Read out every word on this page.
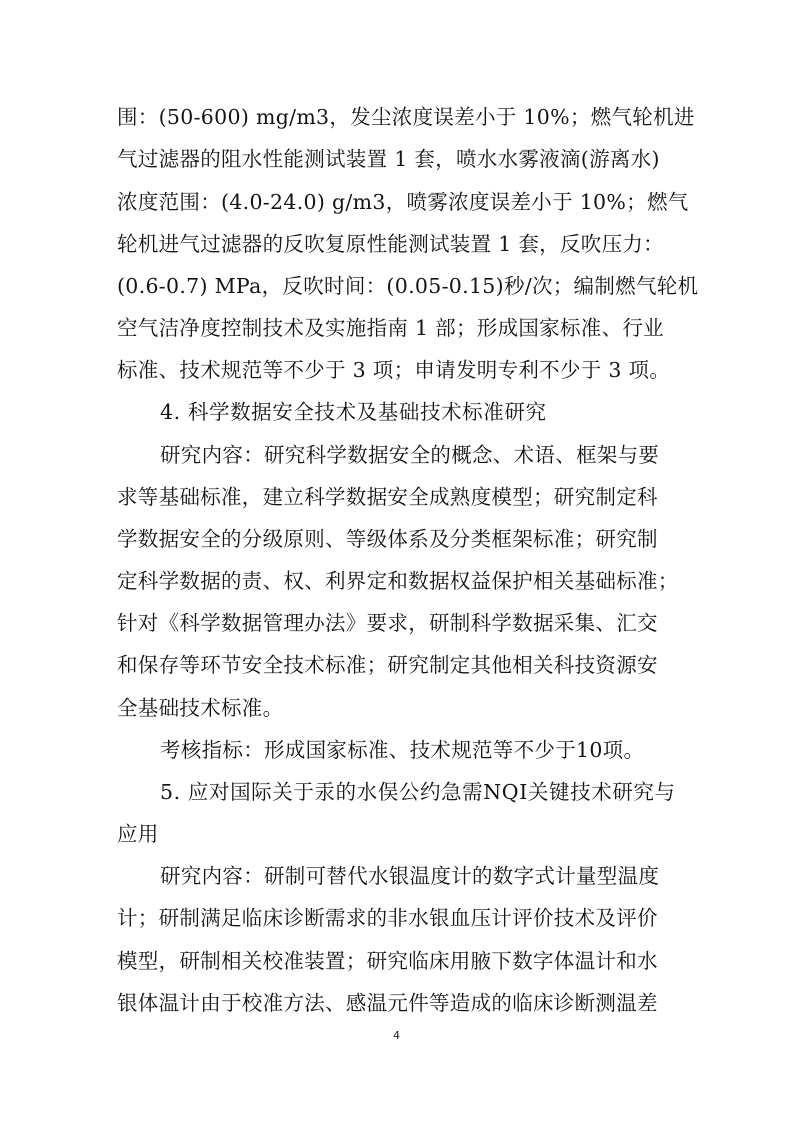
围：(50-600) mg/m3，发尘浓度误差小于 10%；燃气轮机进
气过滤器的阻水性能测试装置 1 套，喷水水雾液滴(游离水)
浓度范围：(4.0-24.0) g/m3，喷雾浓度误差小于 10%；燃气
轮机进气过滤器的反吹复原性能测试装置 1 套，反吹压力：
(0.6-0.7) MPa，反吹时间：(0.05-0.15)秒/次；编制燃气轮机
空气洁净度控制技术及实施指南 1 部；形成国家标准、行业
标准、技术规范等不少于 3 项；申请发明专利不少于 3 项。
4. 科学数据安全技术及基础技术标准研究
研究内容：研究科学数据安全的概念、术语、框架与要
求等基础标准，建立科学数据安全成熟度模型；研究制定科
学数据安全的分级原则、等级体系及分类框架标准；研究制
定科学数据的责、权、利界定和数据权益保护相关基础标准；
针对《科学数据管理办法》要求，研制科学数据采集、汇交
和保存等环节安全技术标准；研究制定其他相关科技资源安
全基础技术标准。
考核指标：形成国家标准、技术规范等不少于10项。
5. 应对国际关于汞的水俣公约急需NQI关键技术研究与
应用
研究内容：研制可替代水银温度计的数字式计量型温度
计；研制满足临床诊断需求的非水银血压计评价技术及评价
模型，研制相关校准装置；研究临床用腋下数字体温计和水
银体温计由于校准方法、感温元件等造成的临床诊断测温差
4
